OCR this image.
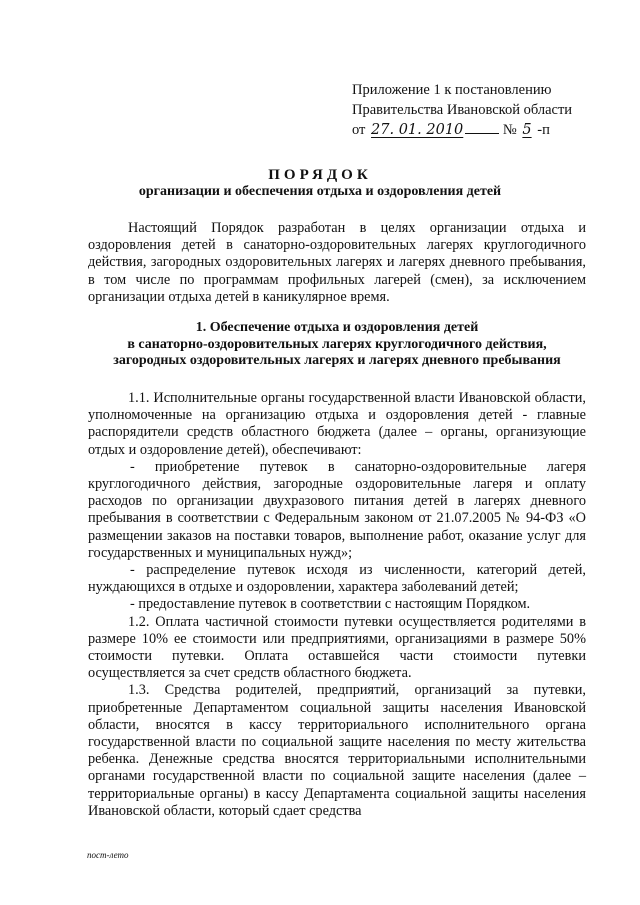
Приложение 1 к постановлению
Правительства Ивановской области
от 27. 01. 2010	№ 5 -п
ПОРЯДОК
организации и обеспечения отдыха и оздоровления детей

Настоящий Порядок разработан в целях организации отдыха и оздоровления детей в санаторно-оздоровительных лагерях круглогодичного действия, загородных оздоровительных лагерях и лагерях дневного пребывания, в том числе по программам профильных лагерей (смен), за исключением организации отдыха детей в каникулярное время.

1. Обеспечение отдыха и оздоровления детей
в санаторно-оздоровительных лагерях круглогодичного действия,
загородных оздоровительных лагерях и лагерях дневного пребывания

1.1. Исполнительные органы государственной власти Ивановской области, уполномоченные на организацию отдыха и оздоровления детей - главные распорядители средств областного бюджета (далее – органы, организующие отдых и оздоровление детей), обеспечивают:

- приобретение путевок в санаторно-оздоровительные лагеря круглогодичного действия, загородные оздоровительные лагеря и оплату расходов по организации двухразового питания детей в лагерях дневного пребывания в соответствии с Федеральным законом от 21.07.2005 № 94-ФЗ «О размещении заказов на поставки товаров, выполнение работ, оказание услуг для государственных и муниципальных нужд»;

- распределение путевок исходя из численности, категорий детей, нуждающихся в отдыхе и оздоровлении, характера заболеваний детей;

- предоставление путевок в соответствии с настоящим Порядком.

1.2. Оплата частичной стоимости путевки осуществляется родителями в размере 10% ее стоимости или предприятиями, организациями в размере 50% стоимости путевки. Оплата оставшейся части стоимости путевки осуществляется за счет средств областного бюджета.

1.3. Средства родителей, предприятий, организаций за путевки, приобретенные Департаментом социальной защиты населения Ивановской области, вносятся в кассу территориального исполнительного органа государственной власти по социальной защите населения по месту жительства ребенка. Денежные средства вносятся территориальными исполнительными органами государственной власти по социальной защите населения (далее – территориальные органы) в кассу Департамента социальной защиты населения Ивановской области, который сдает средства

пост-лето
